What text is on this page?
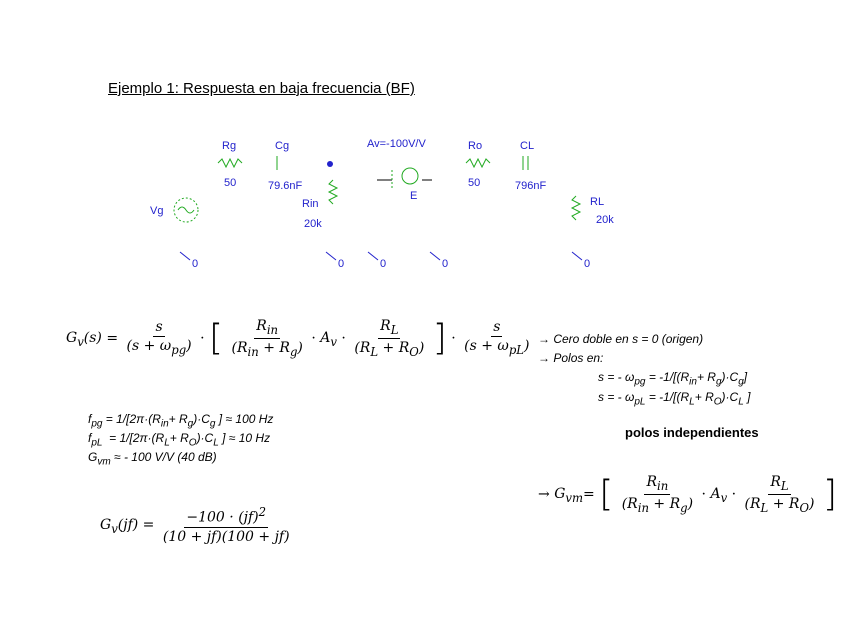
Ejemplo 1: Respuesta en baja frecuencia (BF)
Vg
Rg
50
Cg
79.6nF
Rin
20k
Av=-100V/V
E
Ro
50
CL
796nF
RL
20k
0	0	0	0	0
$G_v(s) = \frac{s}{(s + \omega_{pg})}$ · [ $\frac{R_{in}}{(R_{in} + R_g)} \cdot A_v \cdot \frac{R_L}{(R_L + R_O)}$ ] · $\frac{s}{(s + \omega_{pL})}$ → Cero doble en s = 0 (origen)
→ Polos en:
s = - $\omega_{pg} = -1/[(R_{in}+ R_g)\cdot C_g]$
s = - $\omega_{pL} = -1/[(R_L+ R_O)\cdot C_L$ ]
polos independientes
$f_{pg} = 1/[2\pi\cdot(R_{in}+ R_g)\cdot C_g$ ] ≈ 100 Hz
$f_{pL} = 1/[2\pi\cdot(R_L+ R_O)\cdot C_L$ ] ≈ 10 Hz
$G_{vm}$ ≈ - 100 V/V (40 dB)
→ $G_{vm}=$ [ $\frac{R_{in}}{(R_{in} + R_g)} \cdot A_v \cdot \frac{R_L}{(R_L + R_O)}$ ]
$G_v(jf) = \frac{-100 \cdot (jf)^2}{(10 + jf)(100 + jf)}$
